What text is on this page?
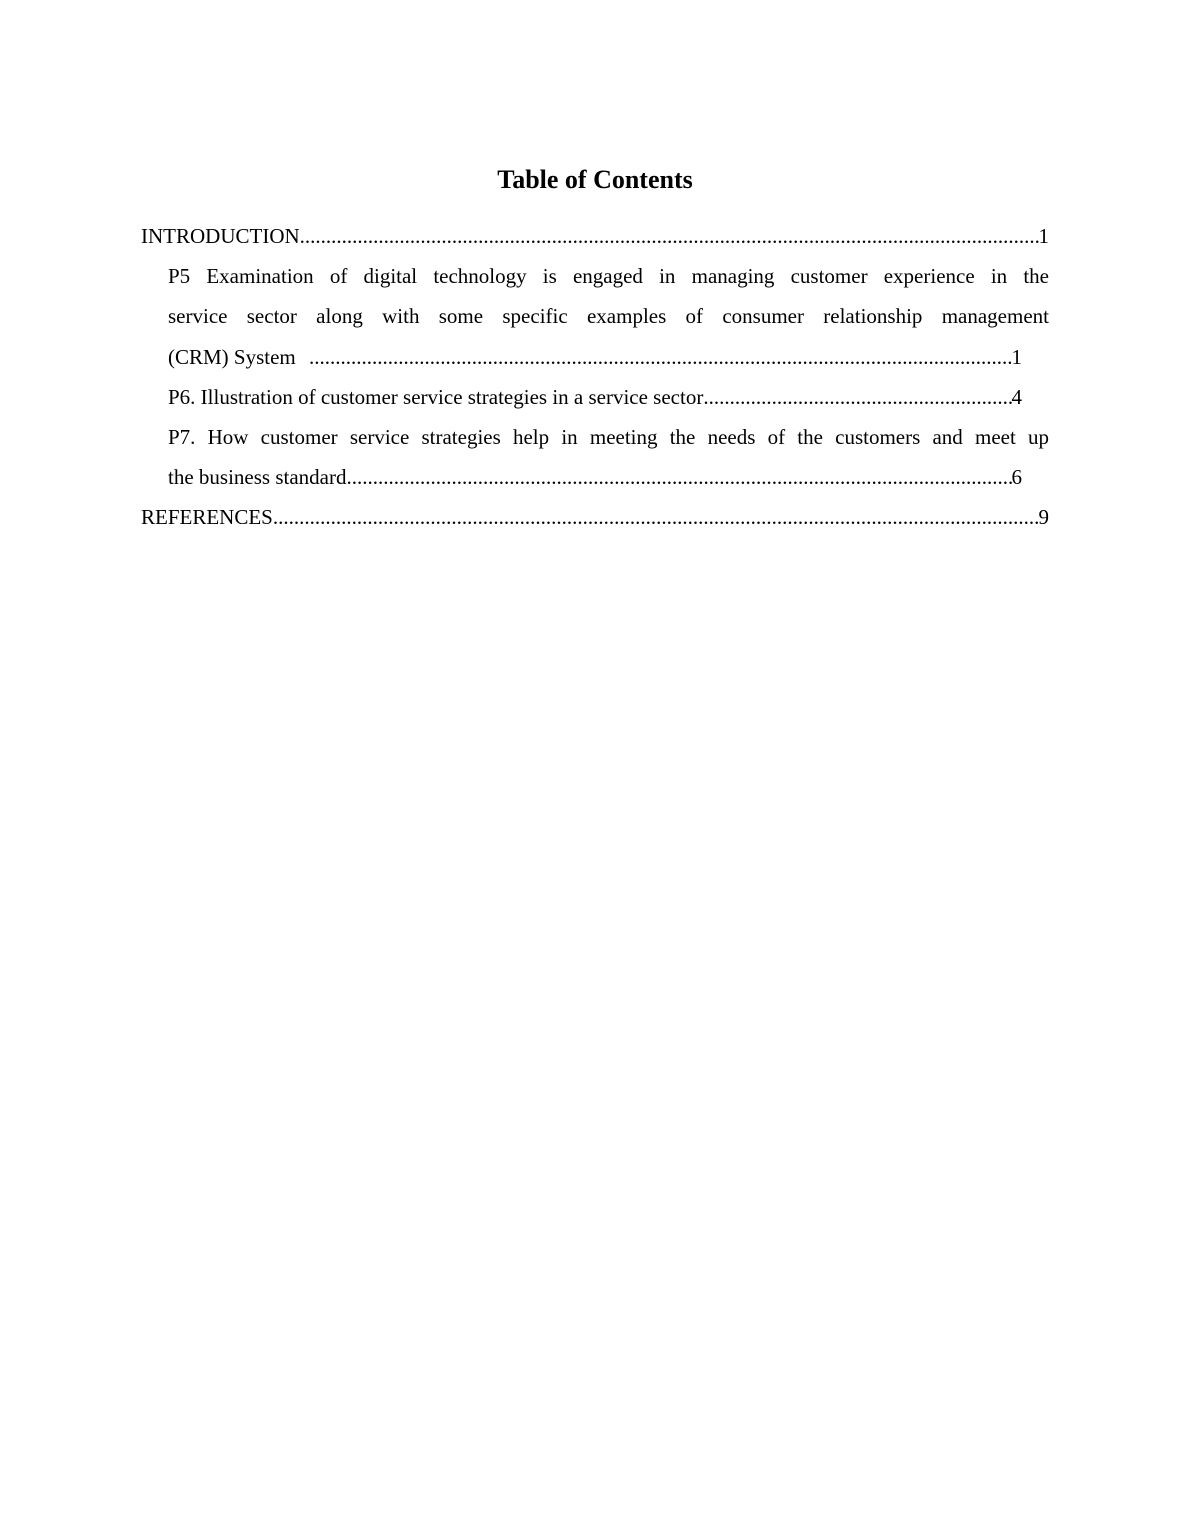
Table of Contents
INTRODUCTION .....	1
P5 Examination of digital technology is engaged in managing customer experience in the
service sector along with some specific examples of consumer relationship management
(CRM) System .....	1
P6. Illustration of customer service strategies in a service sector .....	4
P7. How customer service strategies help in meeting the needs of the customers and meet up
the business standard .....	6
REFERENCES .....	9
